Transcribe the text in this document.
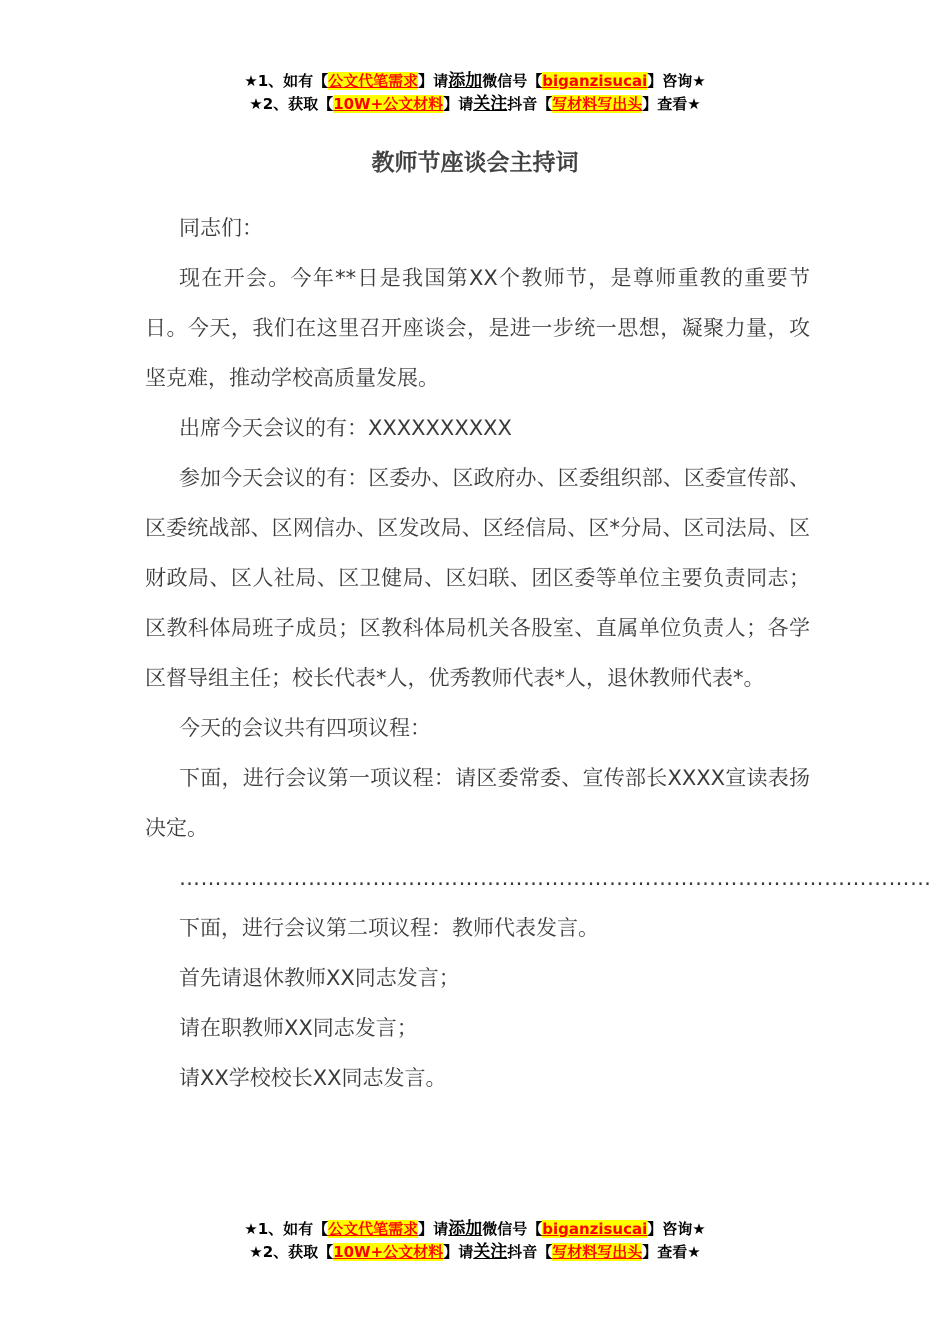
★1、如有【公文代笔需求】请添加微信号【biganzisucai】咨询★
★2、获取【10W+公文材料】请关注抖音【写材料写出头】查看★
教师节座谈会主持词

同志们：

现在开会。今年**日是我国第XX个教师节，是尊师重教的重要节日。今天，我们在这里召开座谈会，是进一步统一思想，凝聚力量，攻坚克难，推动学校高质量发展。

出席今天会议的有：XXXXXXXXXX

参加今天会议的有：区委办、区政府办、区委组织部、区委宣传部、区委统战部、区网信办、区发改局、区经信局、区*分局、区司法局、区财政局、区人社局、区卫健局、区妇联、团区委等单位主要负责同志；区教科体局班子成员；区教科体局机关各股室、直属单位负责人；各学区督导组主任；校长代表*人，优秀教师代表*人，退休教师代表*。

今天的会议共有四项议程：

下面，进行会议第一项议程：请区委常委、宣传部长XXXX宣读表扬决定。

……………………………………………………………………………………………

下面，进行会议第二项议程：教师代表发言。

首先请退休教师XX同志发言；

请在职教师XX同志发言；

请XX学校校长XX同志发言。

★1、如有【公文代笔需求】请添加微信号【biganzisucai】咨询★
★2、获取【10W+公文材料】请关注抖音【写材料写出头】查看★
